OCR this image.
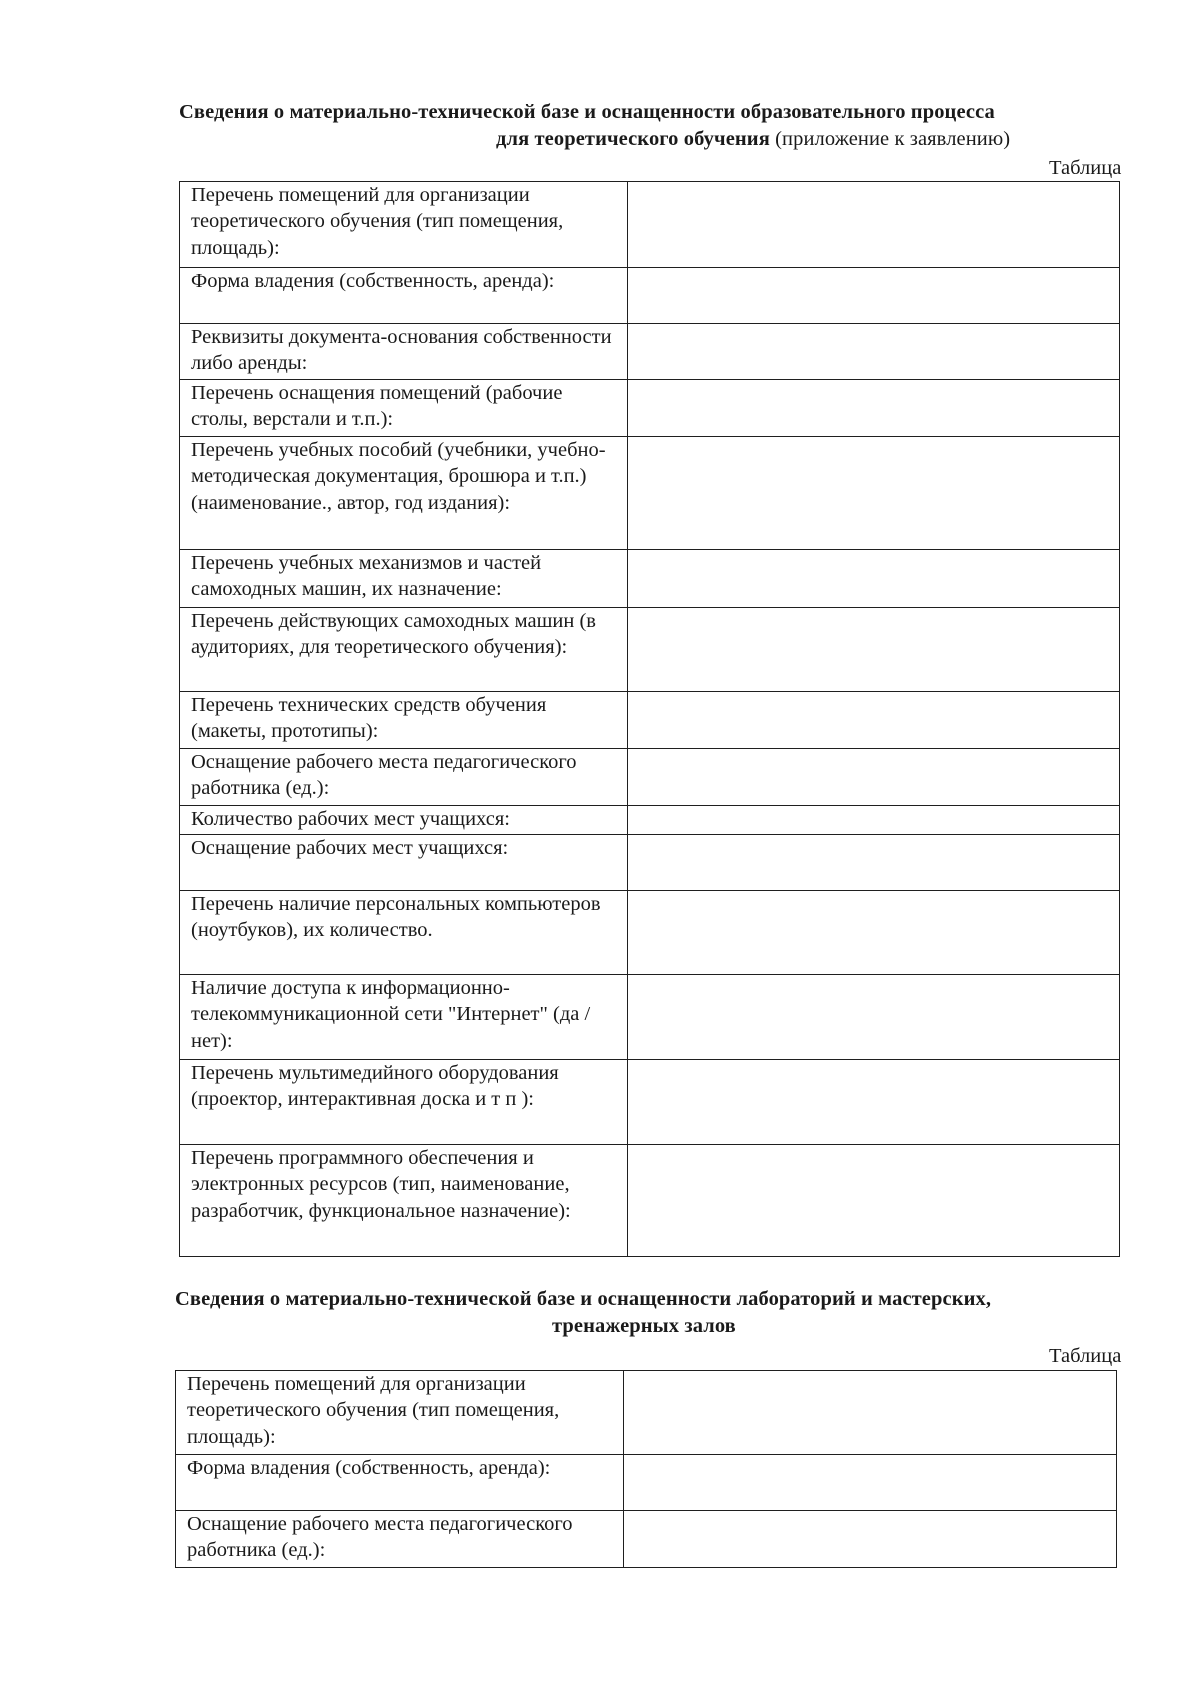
Сведения о материально-технической базе и оснащенности образовательного процесса
для теоретического обучения (приложение к заявлению)
Таблица
Перечень помещений для организации теоретического обучения (тип помещения, площадь):	
Форма владения (собственность, аренда):	
Реквизиты документа-основания собственности либо аренды:	
Перечень оснащения помещений (рабочие столы, верстали и т.п.):	
Перечень учебных пособий (учебники, учебно-методическая документация, брошюра и т.п.) (наименование., автор, год издания):	
Перечень учебных механизмов и частей самоходных машин, их назначение:	
Перечень действующих самоходных машин (в аудиториях, для теоретического обучения):	
Перечень технических средств обучения (макеты, прототипы):	
Оснащение рабочего места педагогического работника (ед.):	
Количество рабочих мест учащихся:	
Оснащение рабочих мест учащихся:	
Перечень наличие персональных компьютеров (ноутбуков), их количество.	
Наличие доступа к информационно-телекоммуникационной сети "Интернет" (да /нет):	
Перечень мультимедийного оборудования (проектор, интерактивная доска и т п ):	
Перечень программного обеспечения и электронных ресурсов (тип, наименование, разработчик, функциональное назначение):	
Сведения о материально-технической базе и оснащенности лабораторий и мастерских,
тренажерных залов
Таблица
Перечень помещений для организации теоретического обучения (тип помещения, площадь):	
Форма владения (собственность, аренда):	
Оснащение рабочего места педагогического работника (ед.):	
